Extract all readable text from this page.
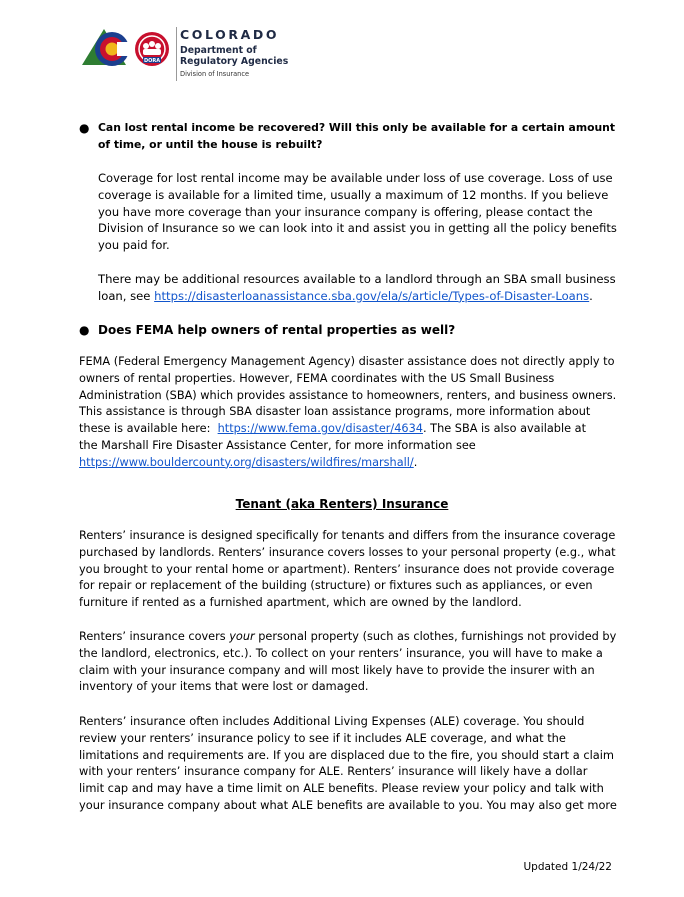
DORA
COLORADO
Department of
Regulatory Agencies
Division of Insurance
● Can lost rental income be recovered? Will this only be available for a certain amount
of time, or until the house is rebuilt?

Coverage for lost rental income may be available under loss of use coverage. Loss of use
coverage is available for a limited time, usually a maximum of 12 months. If you believe
you have more coverage than your insurance company is offering, please contact the
Division of Insurance so we can look into it and assist you in getting all the policy benefits
you paid for.

There may be additional resources available to a landlord through an SBA small business
loan, see https://disasterloanassistance.sba.gov/ela/s/article/Types-of-Disaster-Loans.

● Does FEMA help owners of rental properties as well?

FEMA (Federal Emergency Management Agency) disaster assistance does not directly apply to
owners of rental properties. However, FEMA coordinates with the US Small Business
Administration (SBA) which provides assistance to homeowners, renters, and business owners.
This assistance is through SBA disaster loan assistance programs, more information about
these is available here:  https://www.fema.gov/disaster/4634. The SBA is also available at
the Marshall Fire Disaster Assistance Center, for more information see
https://www.bouldercounty.org/disasters/wildfires/marshall/.

Tenant (aka Renters) Insurance

Renters’ insurance is designed specifically for tenants and differs from the insurance coverage
purchased by landlords. Renters’ insurance covers losses to your personal property (e.g., what
you brought to your rental home or apartment). Renters’ insurance does not provide coverage
for repair or replacement of the building (structure) or fixtures such as appliances, or even
furniture if rented as a furnished apartment, which are owned by the landlord.

Renters’ insurance covers your personal property (such as clothes, furnishings not provided by
the landlord, electronics, etc.). To collect on your renters’ insurance, you will have to make a
claim with your insurance company and will most likely have to provide the insurer with an
inventory of your items that were lost or damaged.

Renters’ insurance often includes Additional Living Expenses (ALE) coverage. You should
review your renters’ insurance policy to see if it includes ALE coverage, and what the
limitations and requirements are. If you are displaced due to the fire, you should start a claim
with your renters’ insurance company for ALE. Renters’ insurance will likely have a dollar
limit cap and may have a time limit on ALE benefits. Please review your policy and talk with
your insurance company about what ALE benefits are available to you. You may also get more

Updated 1/24/22
